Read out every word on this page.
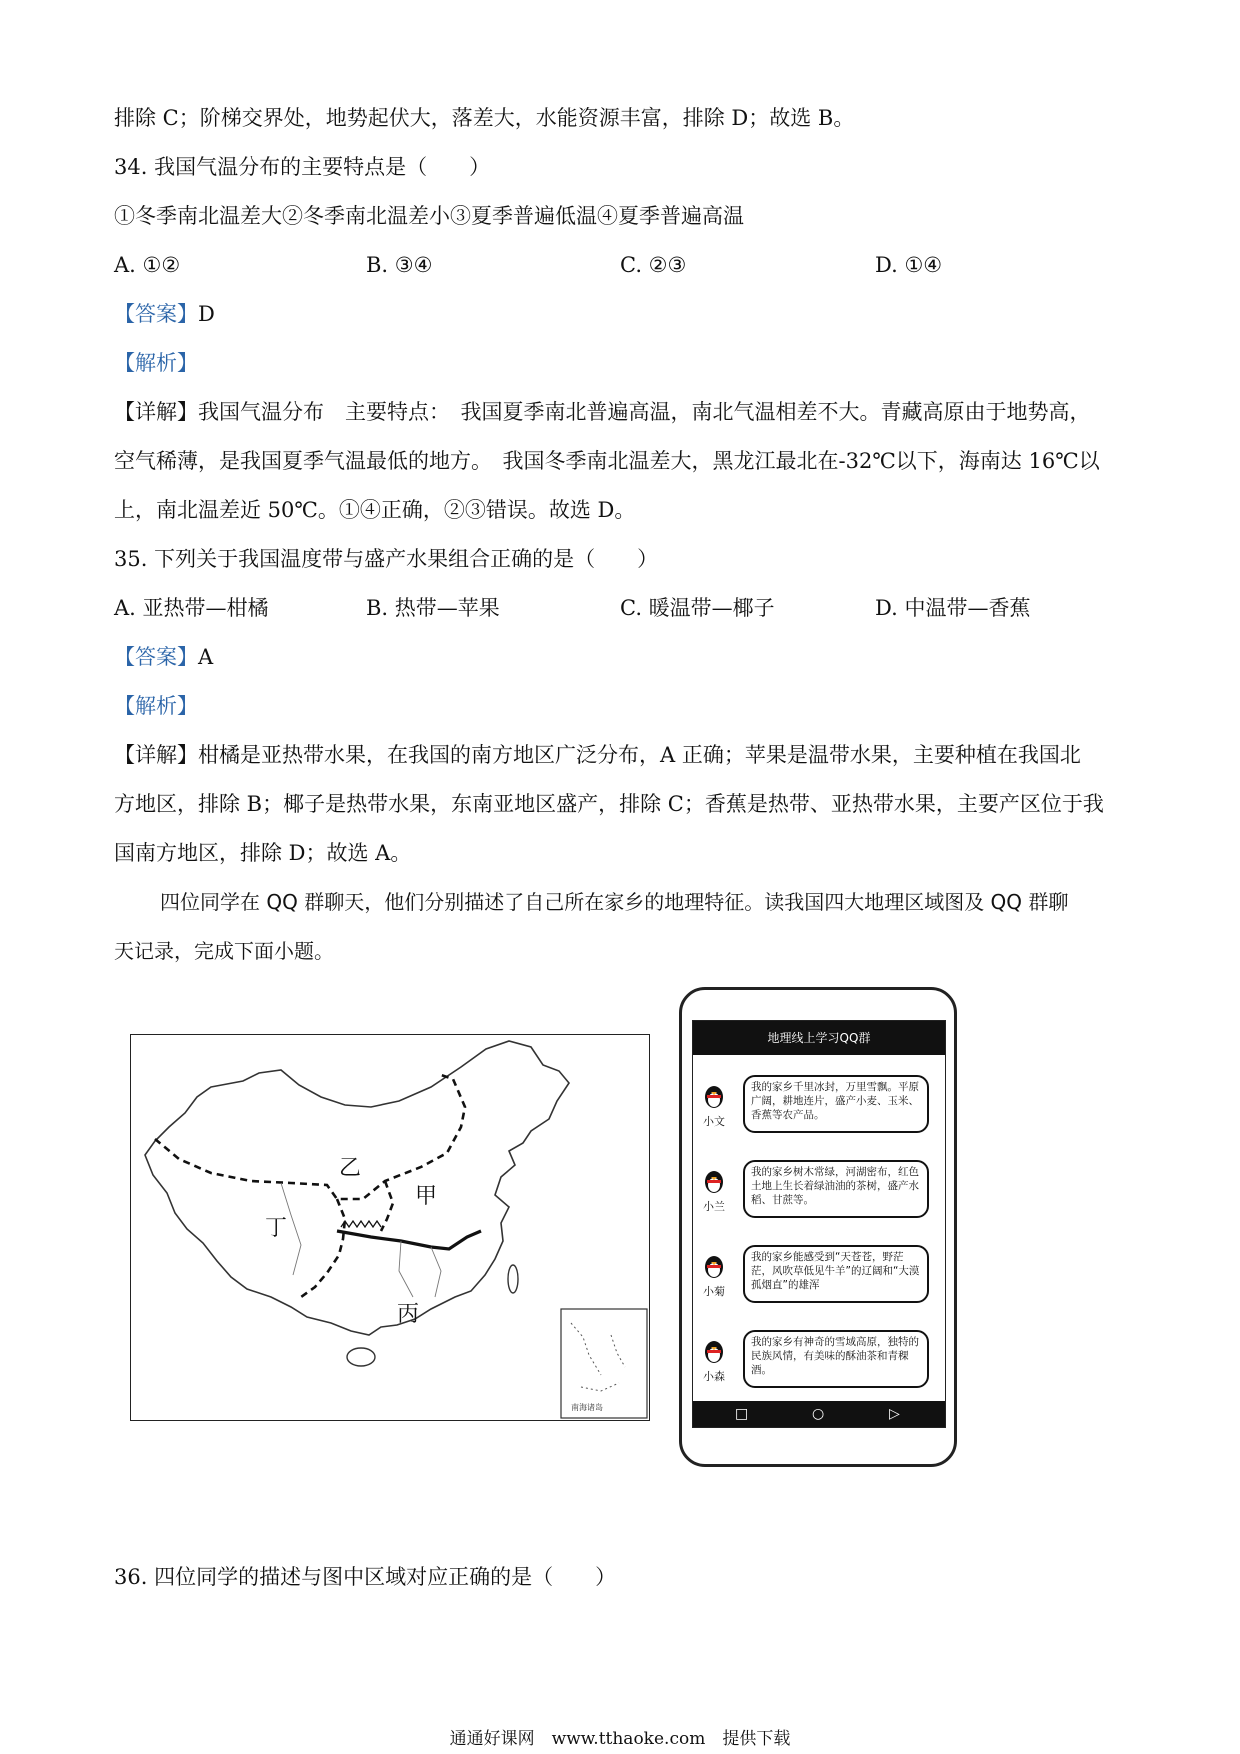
排除 C；阶梯交界处，地势起伏大，落差大，水能资源丰富，排除 D；故选 B。
34. 我国气温分布的主要特点是（　　）
①冬季南北温差大②冬季南北温差小③夏季普遍低温④夏季普遍高温
A. ①②	B. ③④	C. ②③	D. ①④
【答案】D
【解析】
【详解】我国气温分布　主要特点：　我国夏季南北普遍高温，南北气温相差不大。青藏高原由于地势高，
空气稀薄，是我国夏季气温最低的地方。　我国冬季南北温差大，黑龙江最北在-32℃以下，海南达 16℃以
上，南北温差近 50℃。①④正确，②③错误。故选 D。
35. 下列关于我国温度带与盛产水果组合正确的是（　　）
A. 亚热带—柑橘	B. 热带—苹果	C. 暖温带—椰子	D. 中温带—香蕉
【答案】A
【解析】
【详解】柑橘是亚热带水果，在我国的南方地区广泛分布，A 正确；苹果是温带水果，主要种植在我国北
方地区，排除 B；椰子是热带水果，东南亚地区盛产，排除 C；香蕉是热带、亚热带水果，主要产区位于我
国南方地区，排除 D；故选 A。
四位同学在 QQ 群聊天，他们分别描述了自己所在家乡的地理特征。读我国四大地理区域图及 QQ 群聊
天记录，完成下面小题。
南海诸岛
甲
乙
丙
丁
地理线上学习QQ群
小文
我的家乡千里冰封，万里雪飘。平原广阔，耕地连片，盛产小麦、玉米、香蕉等农产品。
小兰
我的家乡树木常绿，河湖密布，红色土地上生长着绿油油的茶树，盛产水稻、甘蔗等。
小菊
我的家乡能感受到“天苍苍，野茫茫，风吹草低见牛羊”的辽阔和“大漠孤烟直”的雄浑
小森
我的家乡有神奇的雪域高原，独特的民族风情，有美味的酥油茶和青稞酒。
□	○	▷
36. 四位同学的描述与图中区域对应正确的是（　　）
通通好课网　www.tthaoke.com　提供下载
